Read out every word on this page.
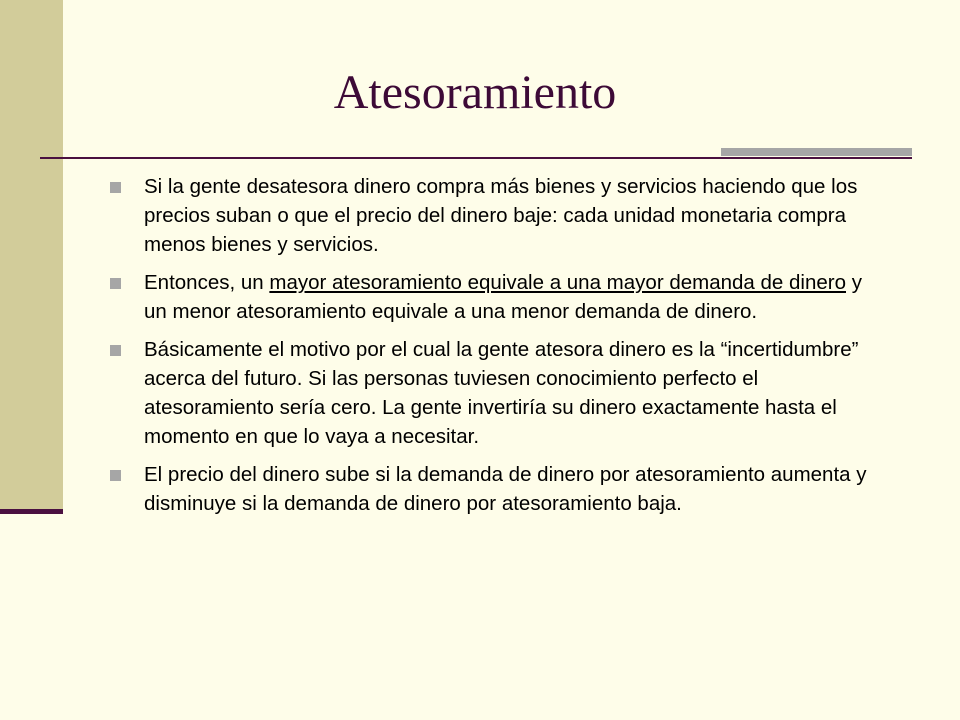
Atesoramiento
Si la gente desatesora dinero compra más bienes y servicios haciendo que los precios suban o que el precio del dinero baje: cada unidad monetaria compra menos bienes y servicios.
Entonces, un mayor atesoramiento equivale a una mayor demanda de dinero y un menor atesoramiento equivale a una menor demanda de dinero.
Básicamente el motivo por el cual la gente atesora dinero es la “incertidumbre” acerca del futuro. Si las personas tuviesen conocimiento perfecto el atesoramiento sería cero. La gente invertiría su dinero exactamente hasta el momento en que lo vaya a necesitar.
El precio del dinero sube si la demanda de dinero por atesoramiento aumenta y disminuye si la demanda de dinero por atesoramiento baja.
